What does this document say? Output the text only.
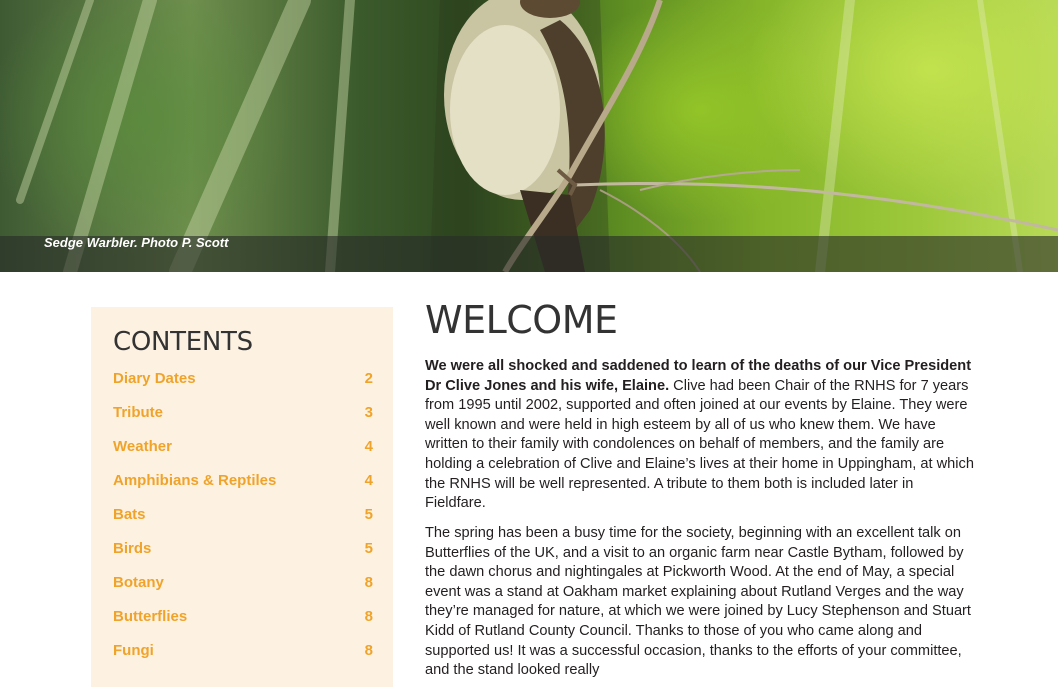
Sedge Warbler. Photo P. Scott
CONTENTS
Diary Dates	2
Tribute	3
Weather	4
Amphibians & Reptiles	4
Bats	5
Birds	5
Botany	8
Butterflies	8
Fungi	8
WELCOME

We were all shocked and saddened to learn of the deaths of our Vice President Dr Clive Jones and his wife, Elaine. Clive had been Chair of the RNHS for 7 years from 1995 until 2002, supported and often joined at our events by Elaine. They were well known and were held in high esteem by all of us who knew them. We have written to their family with condolences on behalf of members, and the family are holding a celebration of Clive and Elaine’s lives at their home in Uppingham, at which the RNHS will be well represented. A tribute to them both is included later in Fieldfare.

The spring has been a busy time for the society, beginning with an excellent talk on Butterflies of the UK, and a visit to an organic farm near Castle Bytham, followed by the dawn chorus and nightingales at Pickworth Wood. At the end of May, a special event was a stand at Oakham market explaining about Rutland Verges and the way they’re managed for nature, at which we were joined by Lucy Stephenson and Stuart Kidd of Rutland County Council. Thanks to those of you who came along and supported us! It was a successful occasion, thanks to the efforts of your committee, and the stand looked really
